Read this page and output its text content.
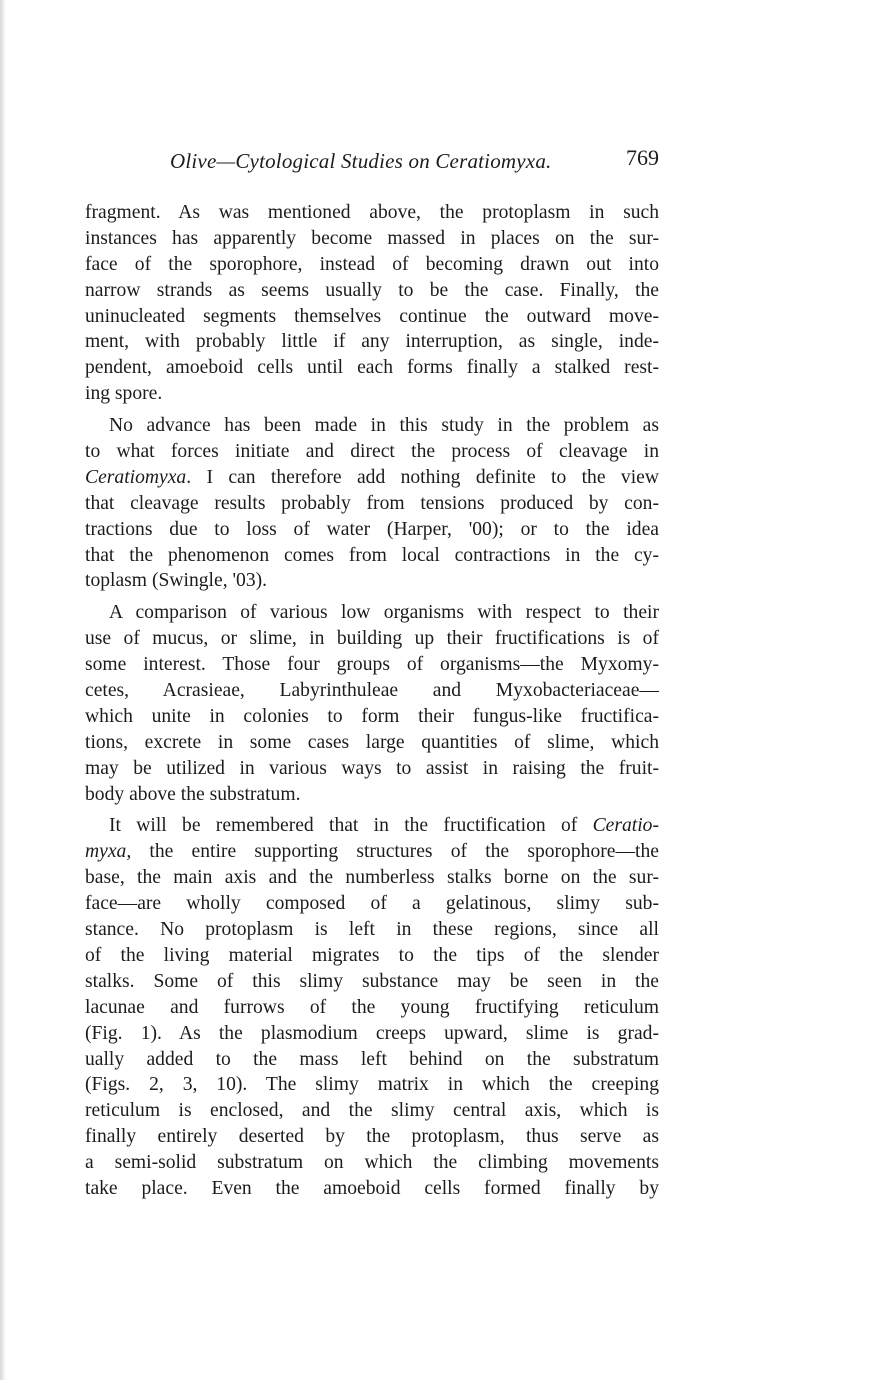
Olive—Cytological Studies on Ceratiomyxa.	769
fragment. As was mentioned above, the protoplasm in such
instances has apparently become massed in places on the sur-
face of the sporophore, instead of becoming drawn out into
narrow strands as seems usually to be the case. Finally, the
uninucleated segments themselves continue the outward move-
ment, with probably little if any interruption, as single, inde-
pendent, amoeboid cells until each forms finally a stalked rest-
ing spore.
No advance has been made in this study in the problem as
to what forces initiate and direct the process of cleavage in
Ceratiomyxa. I can therefore add nothing definite to the view
that cleavage results probably from tensions produced by con-
tractions due to loss of water (Harper, '00); or to the idea
that the phenomenon comes from local contractions in the cy-
toplasm (Swingle, '03).
A comparison of various low organisms with respect to their
use of mucus, or slime, in building up their fructifications is of
some interest. Those four groups of organisms—the Myxomy-
cetes, Acrasieae, Labyrinthuleae and Myxobacteriaceae—
which unite in colonies to form their fungus-like fructifica-
tions, excrete in some cases large quantities of slime, which
may be utilized in various ways to assist in raising the fruit-
body above the substratum.
It will be remembered that in the fructification of Ceratio-
myxa, the entire supporting structures of the sporophore—the
base, the main axis and the numberless stalks borne on the sur-
face—are wholly composed of a gelatinous, slimy sub-
stance. No protoplasm is left in these regions, since all
of the living material migrates to the tips of the slender
stalks. Some of this slimy substance may be seen in the
lacunae and furrows of the young fructifying reticulum
(Fig. 1). As the plasmodium creeps upward, slime is grad-
ually added to the mass left behind on the substratum
(Figs. 2, 3, 10). The slimy matrix in which the creeping
reticulum is enclosed, and the slimy central axis, which is
finally entirely deserted by the protoplasm, thus serve as
a semi-solid substratum on which the climbing movements
take place. Even the amoeboid cells formed finally by
